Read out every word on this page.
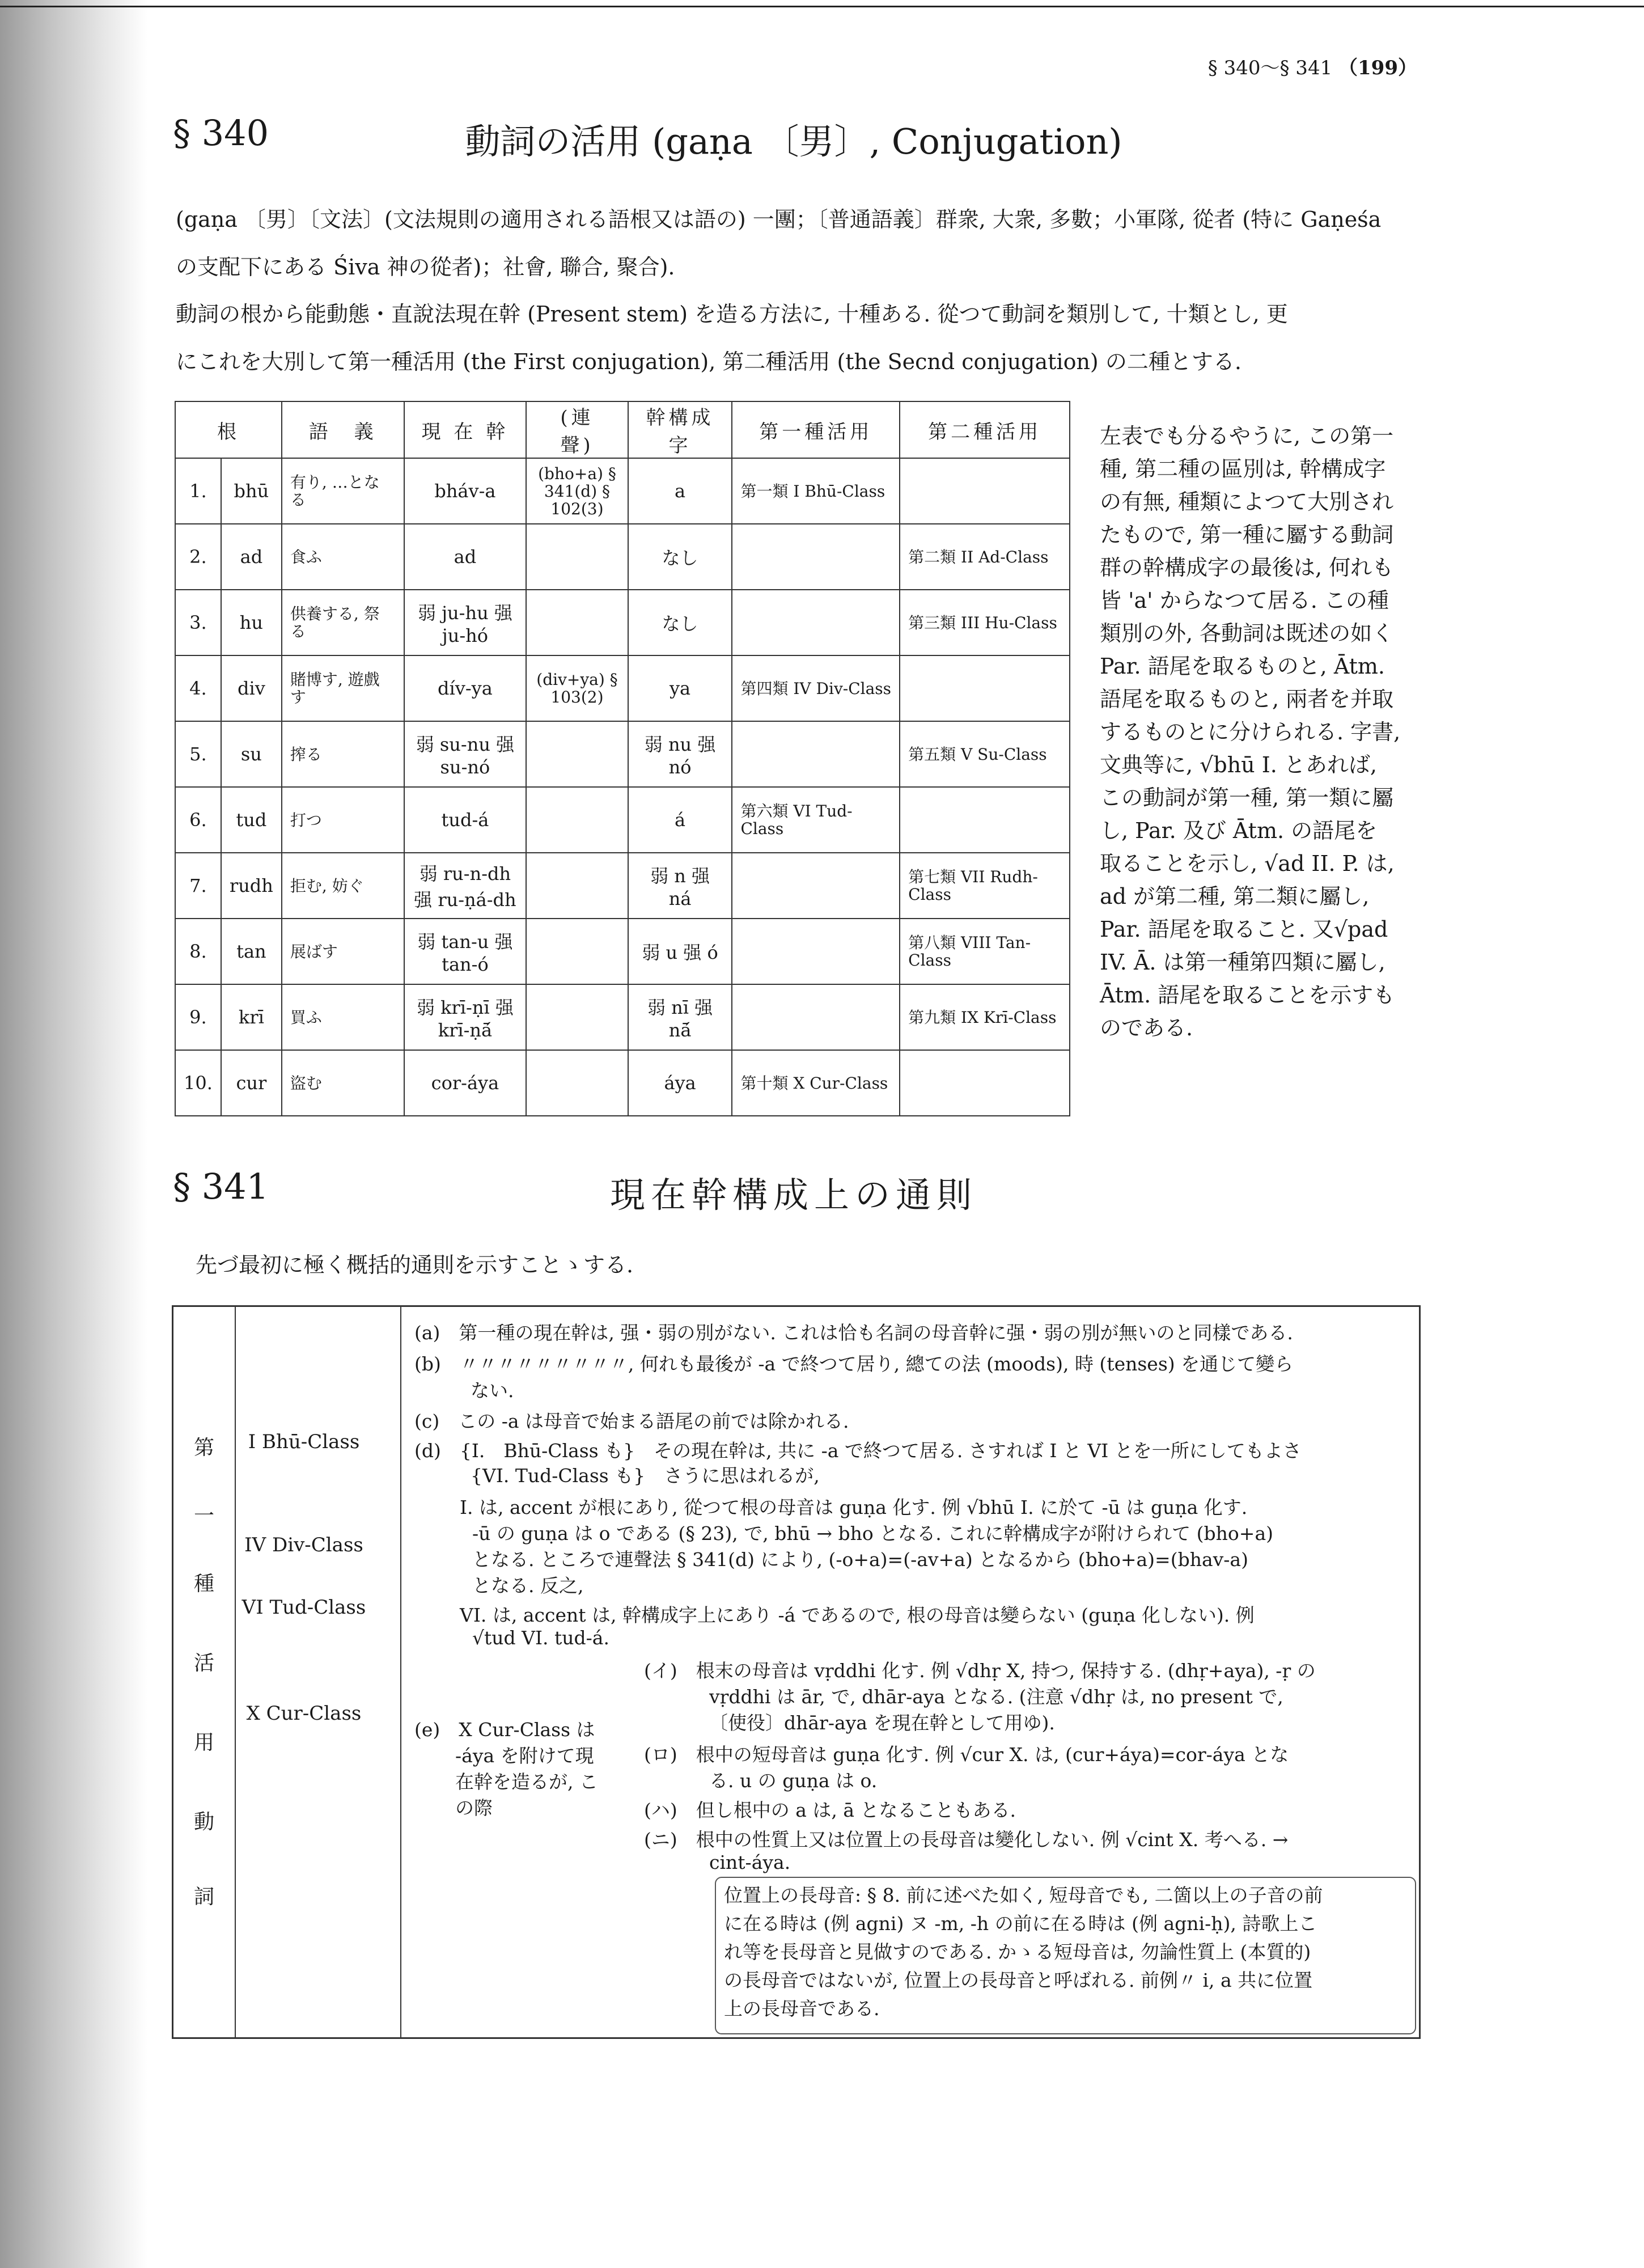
§ 340～§ 341 （199）
§ 340	動詞の活用 (gaṇa 〔男〕, Conjugation)
(gaṇa 〔男〕〔文法〕(文法規則の適用される語根又は語の) 一團；〔普通語義〕群衆, 大衆, 多數；小軍隊, 從者 (特に Gaṇeśa
の支配下にある Śiva 神の從者)；社會, 聯合, 聚合).
動詞の根から能動態・直說法現在幹 (Present stem) を造る方法に, 十種ある. 從つて動詞を類別して, 十類とし, 更
にこれを大別して第一種活用 (the First conjugation), 第二種活用 (the Secnd conjugation) の二種とする.
根		語　義	現 在 幹	(連　聲)	幹構成字	第一種活用	第二種活用
1.	bhū	有り, …となる	bháv-a	(bho+a) § 341(d) § 102(3)	a	第一類 I Bhū-Class	
2.	ad	食ふ	ad		なし		第二類 II Ad-Class
3.	hu	供養する, 祭る	弱 ju-hu 强 ju-hó		なし		第三類 III Hu-Class
4.	div	賭博す, 遊戲す	dív-ya	(div+ya) § 103(2)	ya	第四類 IV Div-Class	
5.	su	搾る	弱 su-nu 强 su-nó		弱 nu 强 nó		第五類 V Su-Class
6.	tud	打つ	tud-á		á	第六類 VI Tud-Class	
7.	rudh	拒む, 妨ぐ	弱 ru-n-dh 强 ru-ṇá-dh		弱 n 强 ná		第七類 VII Rudh-Class
8.	tan	展ばす	弱 tan-u 强 tan-ó		弱 u 强 ó		第八類 VIII Tan-Class
9.	krī	買ふ	弱 krī-ṇī 强 krī-ṇā́		弱 nī 强 nā́		第九類 IX Krī-Class
10.	cur	盜む	cor-áya		áya	第十類 X Cur-Class	
左表でも分るやうに, この第一
種, 第二種の區別は, 幹構成字
の有無, 種類によつて大別され
たもので, 第一種に屬する動詞
群の幹構成字の最後は, 何れも
皆 'a' からなつて居る. この種
類別の外, 各動詞は既述の如く
Par. 語尾を取るものと, Ātm.
語尾を取るものと, 兩者を并取
するものとに分けられる. 字書,
文典等に, √bhū I. とあれば,
この動詞が第一種, 第一類に屬
し, Par. 及び Ātm. の語尾を
取ることを示し, √ad II. P. は,
ad が第二種, 第二類に屬し,
Par. 語尾を取ること. 又√pad
IV. Ā. は第一種第四類に屬し,
Ātm. 語尾を取ることを示すも
のである.
§ 341	現在幹構成上の通則
先づ最初に極く概括的通則を示すことゝする.
第
一
種
活
用
動
詞
I Bhū-Class
IV Div-Class
VI Tud-Class
X Cur-Class
(a)　第一種の現在幹は, 强・弱の別がない. これは恰も名詞の母音幹に强・弱の別が無いのと同樣である.
(b)　〃〃〃〃〃〃〃〃〃, 何れも最後が -a で終つて居り, 總ての法 (moods), 時 (tenses) を通じて變ら
　　　ない.
(c)　この -a は母音で始まる語尾の前では除かれる.
(d)　{I.　Bhū-Class も}　その現在幹は, 共に -a で終つて居る. さすれば I と VI とを一所にしてもよさ
　　　{VI. Tud-Class も}　さうに思はれるが,
I. は, accent が根にあり, 從つて根の母音は guṇa 化す. 例 √bhū I. に於て -ū は guṇa 化す.
-ū の guṇa は o である (§ 23), で, bhū → bho となる. これに幹構成字が附けられて (bho+a)
となる. ところで連聲法 § 341(d) により, (-o+a)=(-av+a) となるから (bho+a)=(bhav-a)
となる. 反之,
VI. は, accent は, 幹構成字上にあり -á であるので, 根の母音は變らない (guṇa 化しない). 例
√tud VI. tud-á.
(e)　X Cur-Class は
-áya を附けて現
在幹を造るが, こ
の際
(イ)　根末の母音は vṛddhi 化す. 例 √dhṛ X, 持つ, 保持する. (dhṛ+aya), -ṛ の
vṛddhi は ār, で, dhār-aya となる. (注意 √dhṛ は, no present で,
〔使役〕dhār-aya を現在幹として用ゆ).
(ロ)　根中の短母音は guṇa 化す. 例 √cur X. は, (cur+áya)=cor-áya とな
る. u の guṇa は o.
(ハ)　但し根中の a は, ā となることもある.
(ニ)　根中の性質上又は位置上の長母音は變化しない. 例 √cint X. 考へる. →
cint-áya.
位置上の長母音: § 8. 前に述べた如く, 短母音でも, 二箇以上の子音の前
に在る時は (例 agni) ヌ -m, -h の前に在る時は (例 agni-ḥ), 詩歌上こ
れ等を長母音と見做すのである. かゝる短母音は, 勿論性質上 (本質的)
の長母音ではないが, 位置上の長母音と呼ばれる. 前例〃 i, a 共に位置
上の長母音である.
